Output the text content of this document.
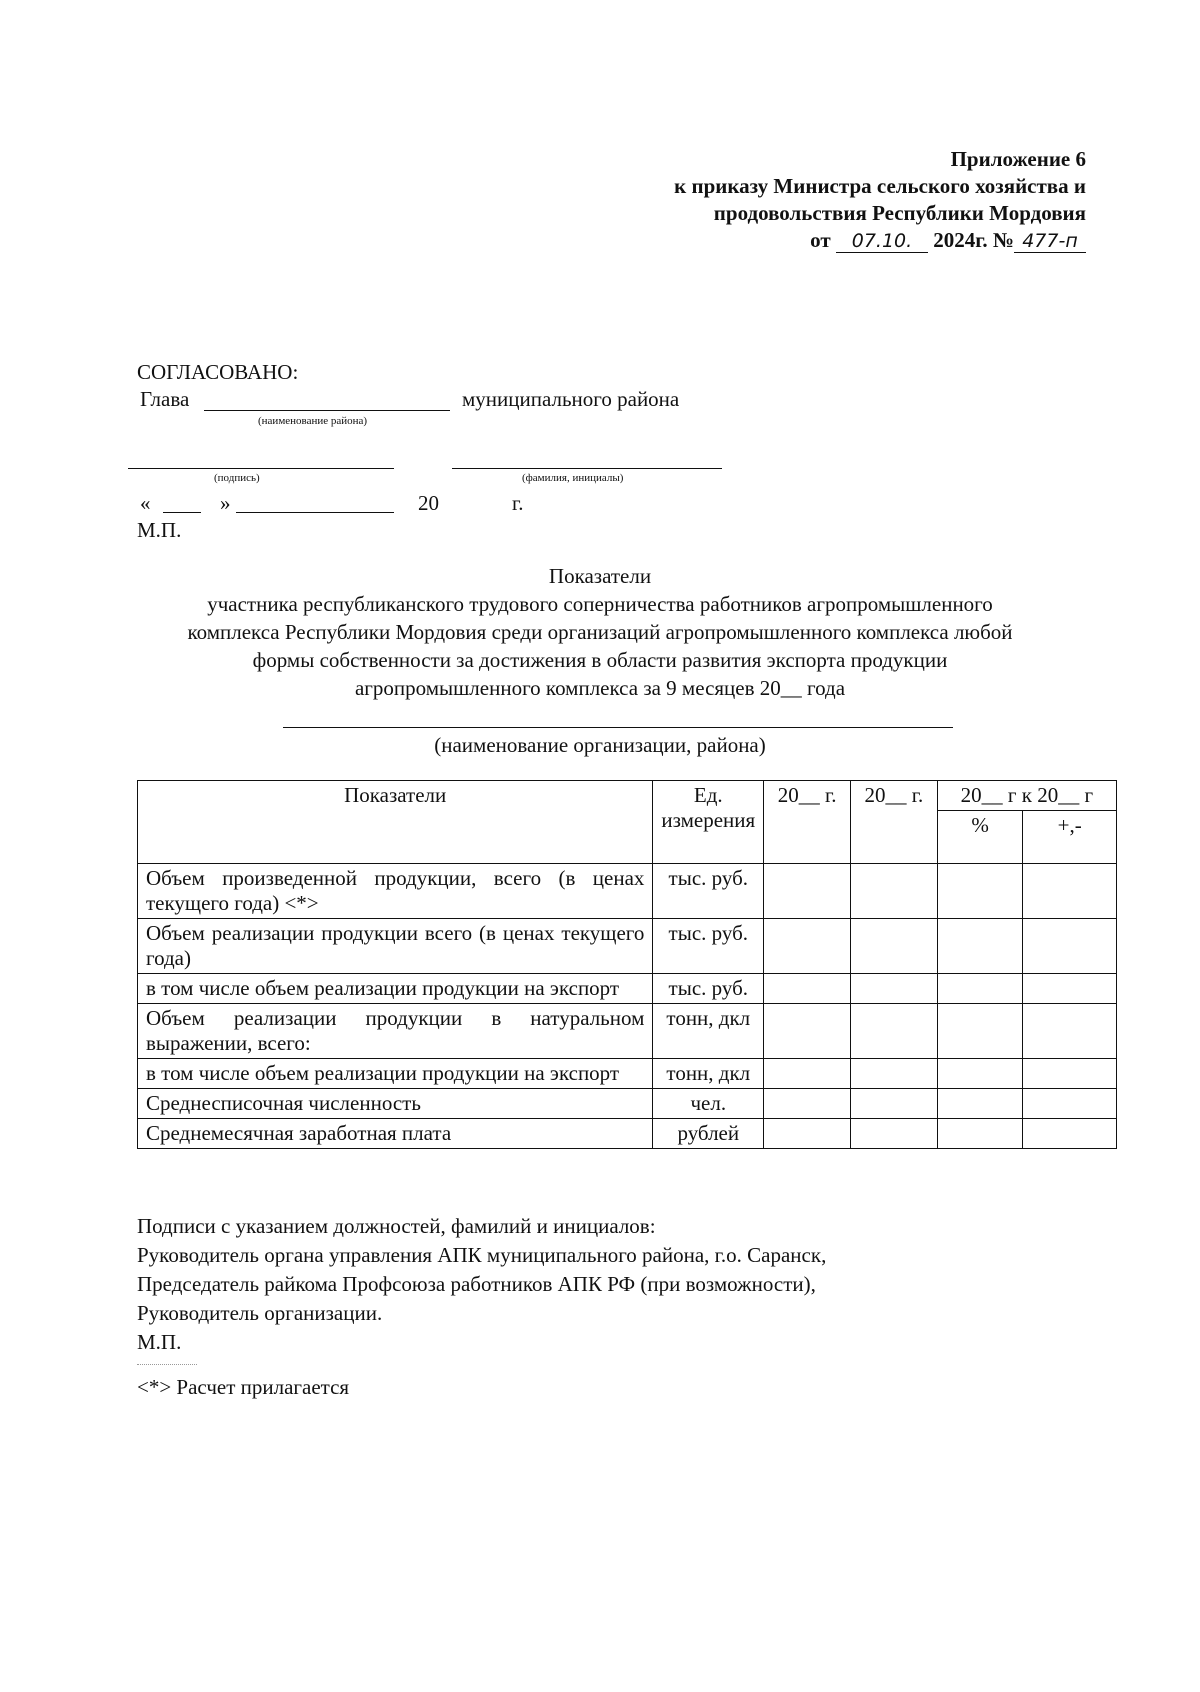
Приложение 6
к приказу Министра сельского хозяйства и
продовольствия Республики Мордовия
от 07.10. 2024г. № 477-п
СОГЛАСОВАНО:
Глава	муниципального района
(наименование района)
(подпись)	(фамилия, инициалы)
«	»	20	г.
М.П.
Показатели
участника республиканского трудового соперничества работников агропромышленного
комплекса Республики Мордовия среди организаций агропромышленного комплекса любой
формы собственности за достижения в области развития экспорта продукции
агропромышленного комплекса за 9 месяцев 20__ года
(наименование организации, района)
Показатели	Ед. измерения	20__ г.	20__ г.	20__ г к 20__ г	
				%	+,-
Объем произведенной продукции, всего (в ценах текущего года) <*>	тыс. руб.				
Объем реализации продукции всего (в ценах текущего года)	тыс. руб.				
в том числе объем реализации продукции на экспорт	тыс. руб.				
Объем реализации продукции в натуральном выражении, всего:	тонн, дкл				
в том числе объем реализации продукции на экспорт	тонн, дкл				
Среднесписочная численность	чел.				
Среднемесячная заработная плата	рублей				
Подписи с указанием должностей, фамилий и инициалов:
Руководитель органа управления АПК муниципального района, г.о. Саранск,
Председатель райкома Профсоюза работников АПК РФ (при возможности),
Руководитель организации.
М.П.
<*> Расчет прилагается
